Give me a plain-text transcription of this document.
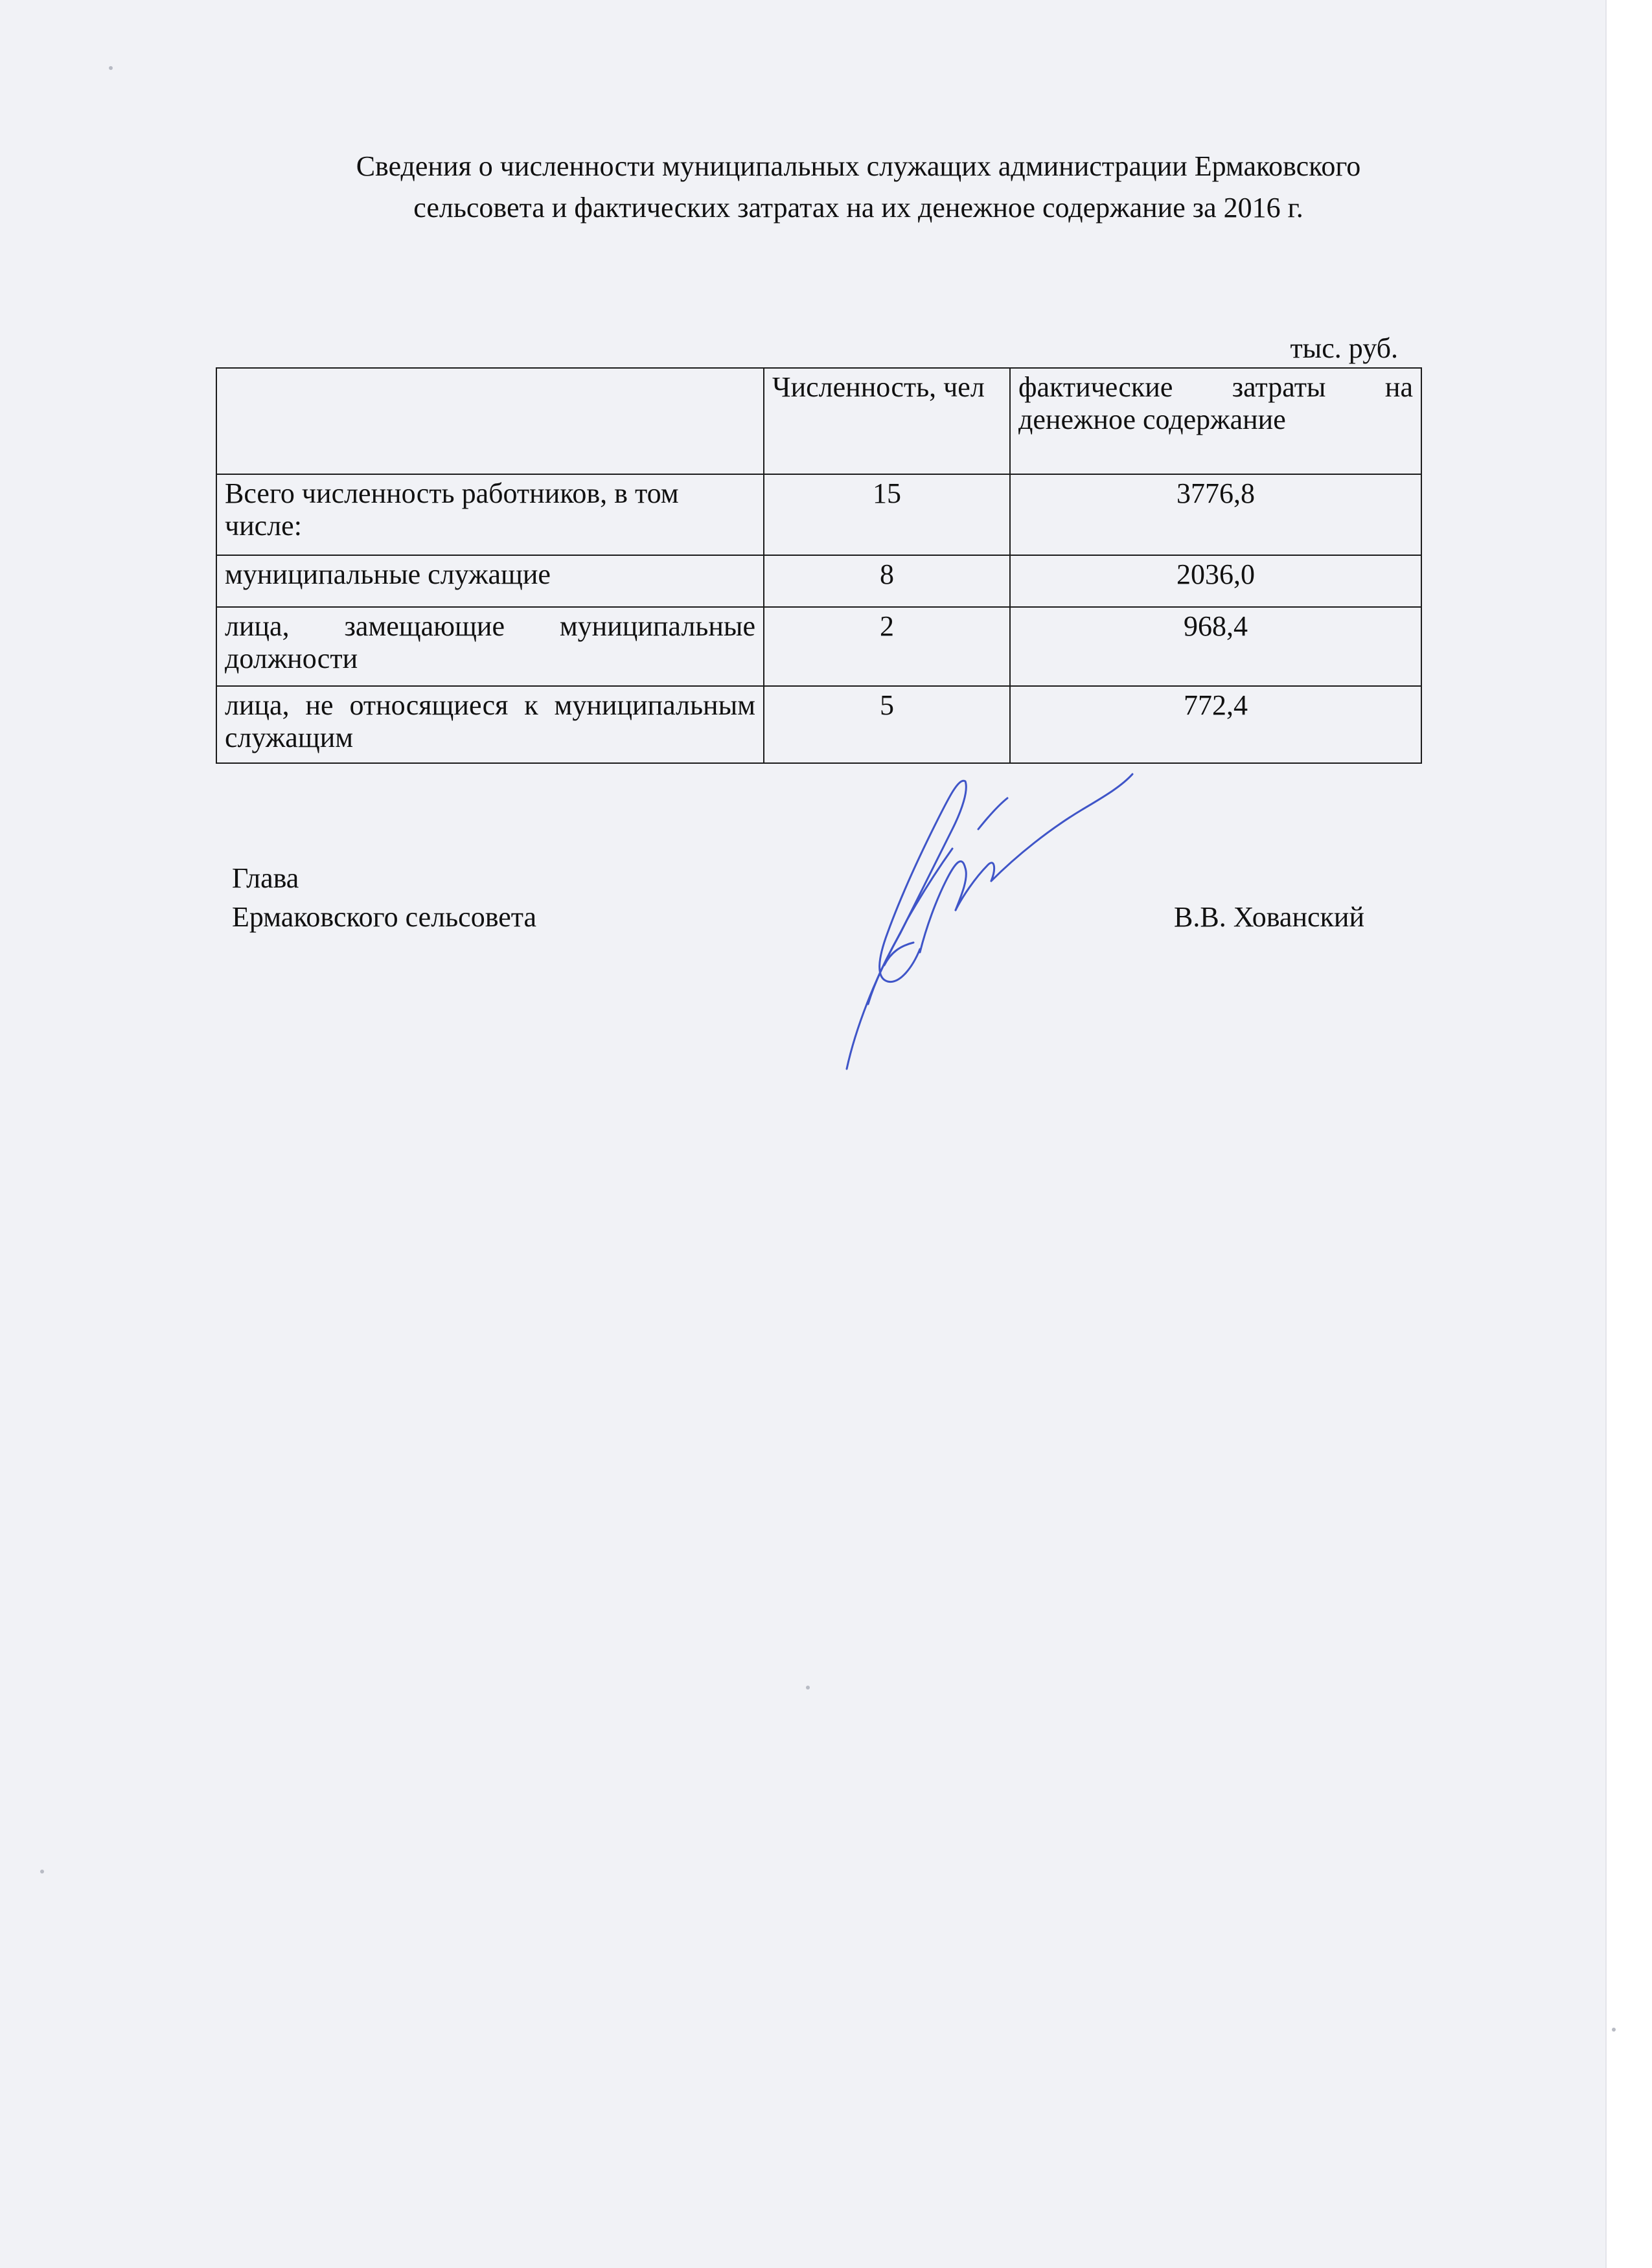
Сведения о численности муниципальных служащих администрации Ермаковского
сельсовета и фактических затратах на их денежное содержание за 2016 г.
тыс. руб.
	Численность, чел	фактические затраты на денежное содержание
Всего численность работников, в том числе:	15	3776,8
муниципальные служащие	8	2036,0
лица, замещающие муниципальные должности	2	968,4
лица, не относящиеся к муниципальным служащим	5	772,4
Глава
Ермаковского сельсовета	В.В. Хованский
